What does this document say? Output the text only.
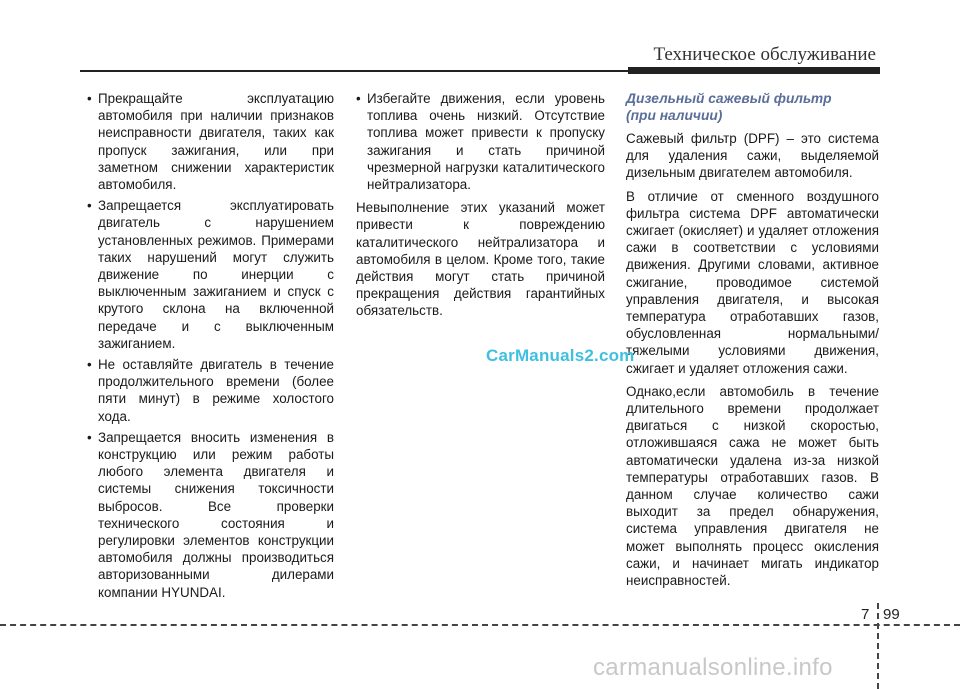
Техническое обслуживание
• Прекращайте эксплуатацию автомобиля при наличии признаков неисправности двигателя, таких как пропуск зажигания, или при заметном снижении характеристик автомобиля.
• Запрещается эксплуатировать двигатель с нарушением установленных режимов. Примерами таких нарушений могут служить движение по инерции с выключенным зажиганием и спуск с крутого склона на включенной передаче и с выключенным зажиганием.
• Не оставляйте двигатель в течение продолжительного времени (более пяти минут) в режиме холостого хода.
• Запрещается вносить изменения в конструкцию или режим работы любого элемента двигателя и системы снижения токсичности выбросов. Все проверки технического состояния и регулировки элементов конструкции автомобиля должны производиться авторизованными дилерами компании HYUNDAI.
• Избегайте движения, если уровень топлива очень низкий. Отсутствие топлива может привести к пропуску зажигания и стать причиной чрезмерной нагрузки каталитического нейтрализатора.

Невыполнение этих указаний может привести к повреждению каталитического нейтрализатора и автомобиля в целом. Кроме того, такие действия могут стать причиной прекращения действия гарантийных обязательств.

Дизельный сажевый фильтр
(при наличии)

Сажевый фильтр (DPF) – это система для удаления сажи, выделяемой дизельным двигателем автомобиля.

В отличие от сменного воздушного фильтра система DPF автоматически сжигает (окисляет) и удаляет отложения сажи в соответствии с условиями движения. Другими словами, активное сжигание, проводимое системой управления двигателя, и высокая температура отработавших газов, обусловленная нормальными/тяжелыми условиями движения, сжигает и удаляет отложения сажи.

Однако,если автомобиль в течение длительного времени продолжает двигаться с низкой скоростью, отложившаяся сажа не может быть автоматически удалена из-за низкой температуры отработавших газов. В данном случае количество сажи выходит за предел обнаружения, система управления двигателя не может выполнять процесс окисления сажи, и начинает мигать индикатор неисправностей.

CarManuals2.com
7 99
carmanualsonline.info
